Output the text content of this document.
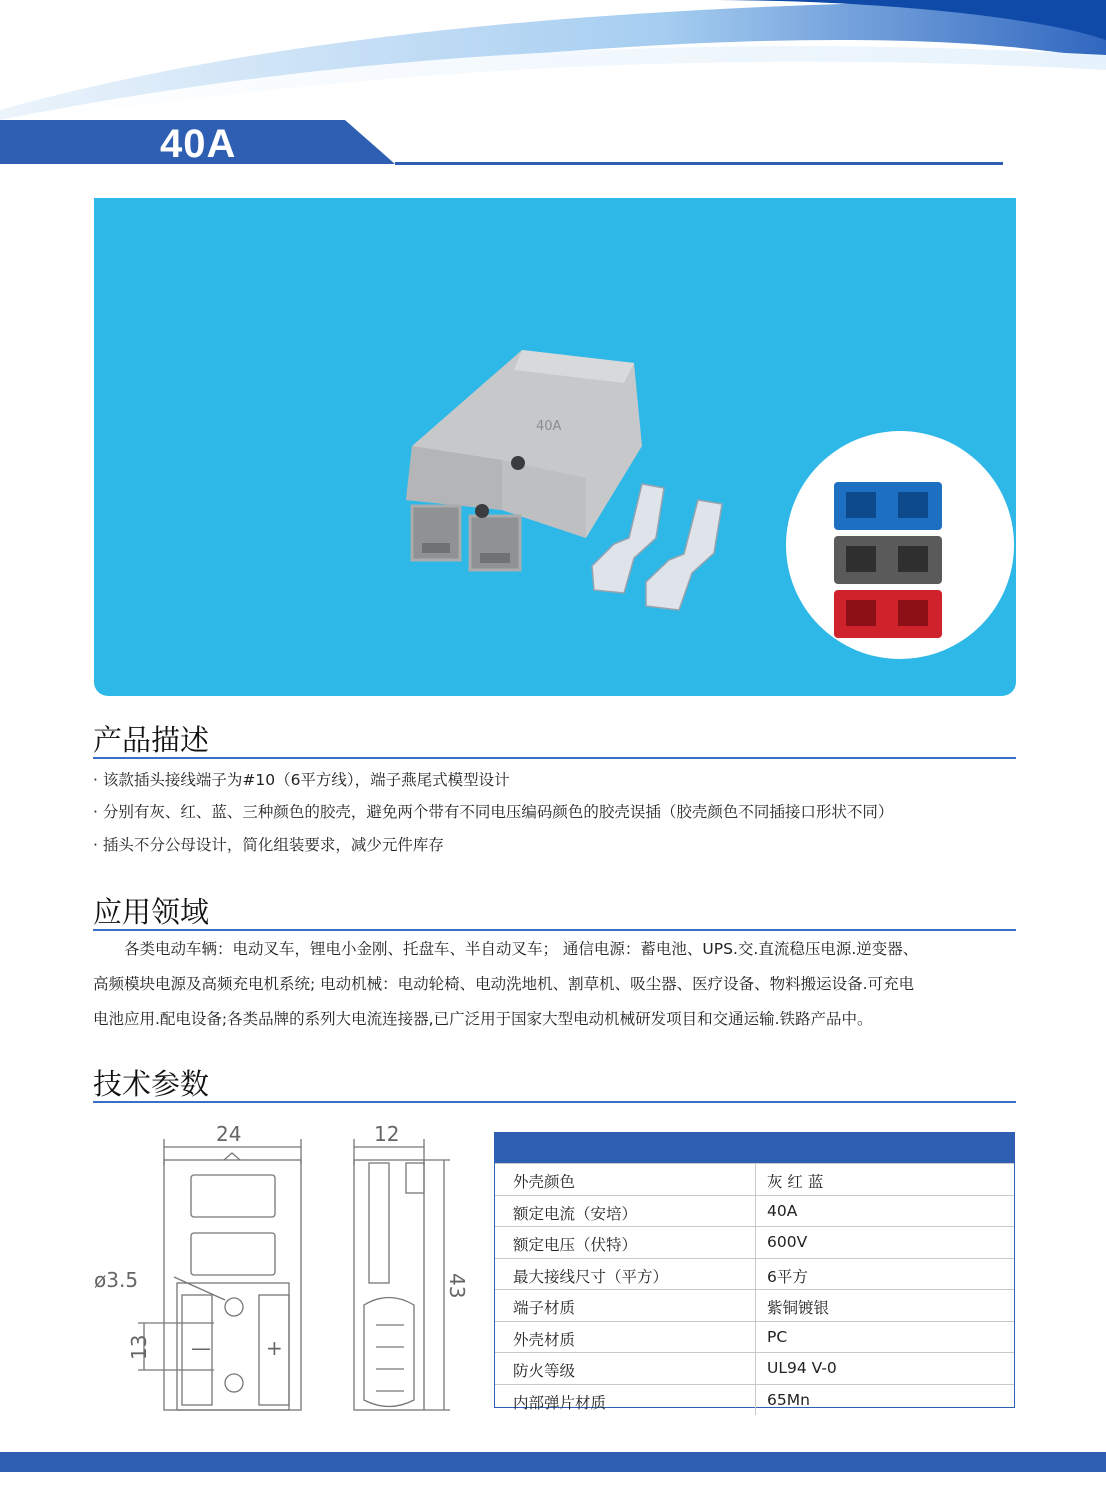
40A
40A
产品描述
· 该款插头接线端子为#10（6平方线），端子燕尾式模型设计
· 分别有灰、红、蓝、三种颜色的胶壳，避免两个带有不同电压编码颜色的胶壳误插（胶壳颜色不同插接口形状不同）
· 插头不分公母设计，简化组装要求，减少元件库存
应用领域
　　各类电动车辆：电动叉车，锂电小金刚、托盘车、半自动叉车； 通信电源：蓄电池、UPS.交.直流稳压电源.逆变器、
高频模块电源及高频充电机系统; 电动机械：电动轮椅、电动洗地机、割草机、吸尘器、医疗设备、物料搬运设备.可充电
电池应用.配电设备;各类品牌的系列大电流连接器,已广泛用于国家大型电动机械研发项目和交通运输.铁路产品中。
技术参数
24	12
ø3.5
13
43
—	+
外壳颜色	灰 红 蓝
额定电流（安培）	40A
额定电压（伏特）	600V
最大接线尺寸（平方）	6平方
端子材质	紫铜镀银
外壳材质	PC
防火等级	UL94 V-0
内部弹片材质	65Mn
